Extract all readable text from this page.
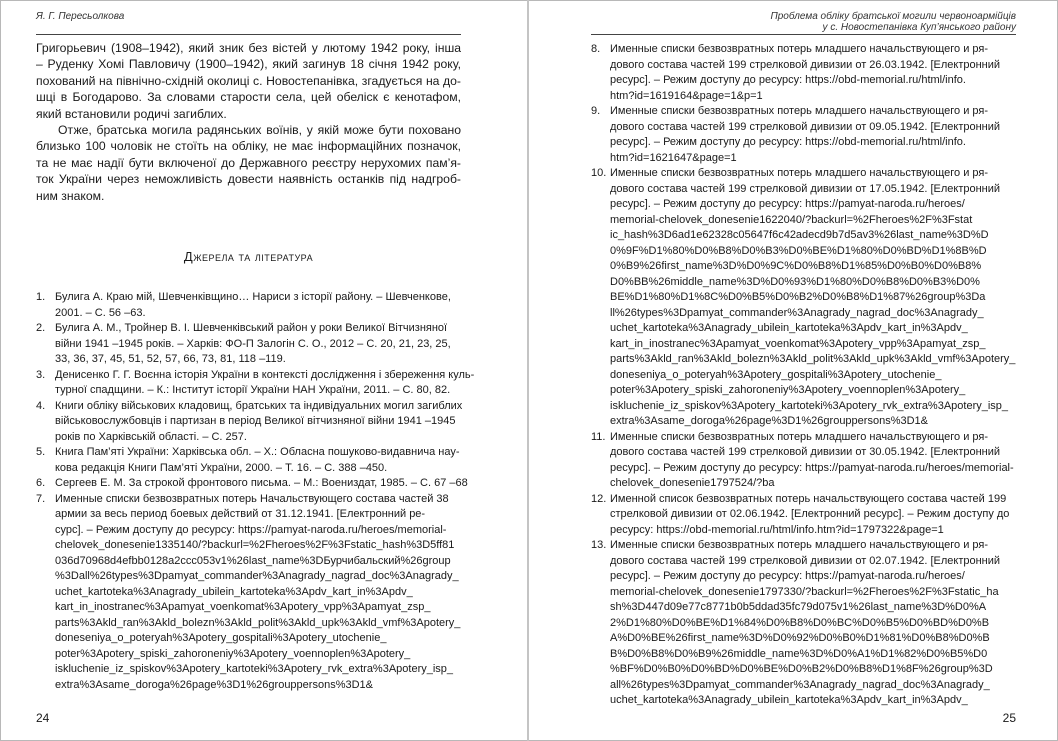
Я. Г. Пересьолкова
Григорьевич (1908–1942), який зник без вістей у лютому 1942 року, інша
– Руденку Хомі Павловичу (1900–1942), який загинув 18 січня 1942 року,
похований на північно-східній околиці с. Новостепанівка, згадується на до-
шці в Богодарово. За словами старости села, цей обеліск є кенотафом,
який встановили родичі загиблих.
Отже, братська могила радянських воїнів, у якій може бути поховано
близько 100 чоловік не стоїть на обліку, не має інформаційних позначок,
та не має надії бути включеної до Державного реєстру нерухомих пам’я-
ток України через неможливість довести наявність останків під надгроб-
ним знаком.
Джерела та література
1. Булига А. Краю мій, Шевченківщино… Нариси з історії району. – Шевченкове,
2001. – С. 56 –63.
2. Булига А. М., Тройнер В. І. Шевченківський район у роки Великої Вітчизняної
війни 1941 –1945 років. – Харків: ФО-П Залогін С. О., 2012 – С. 20, 21, 23, 25,
33, 36, 37, 45, 51, 52, 57, 66, 73, 81, 118 –119.
3. Денисенко Г. Г. Воєнна історія України в контексті дослідження і збереження куль-
турної спадщини. – К.: Інститут історії України НАН України, 2011. – С. 80, 82.
4. Книги обліку військових кладовищ, братських та індивідуальних могил загиблих
військовослужбовців і партизан в період Великої вітчизняної війни 1941 –1945
років по Харківській області. – С. 257.
5. Книга Пам’яті України: Харківська обл. – Х.: Обласна пошуково-видавнича нау-
кова редакція Книги Пам’яті України, 2000. – Т. 16. – С. 388 –450.
6. Сергеев Е. М. За строкой фронтового письма. – М.: Воениздат, 1985. – С. 67 –68
7. Именные списки безвозвратных потерь Начальствующего состава частей 38
армии за весь период боевых действий от 31.12.1941. [Електронний ре-
сурс]. – Режим доступу до ресурсу: https://pamyat-naroda.ru/heroes/memorial-
chelovek_donesenie1335140/?backurl=%2Fheroes%2F%3Fstatic_hash%3D5ff81
036d70968d4efbb0128a2ccc053v1%26last_name%3DБурчибальский%26group
%3Dall%26types%3Dpamyat_commander%3Anagrady_nagrad_doc%3Anagrady_
uchet_kartoteka%3Anagrady_ubilein_kartoteka%3Apdv_kart_in%3Apdv_
kart_in_inostranec%3Apamyat_voenkomat%3Apotery_vpp%3Apamyat_zsp_
parts%3Akld_ran%3Akld_bolezn%3Akld_polit%3Akld_upk%3Akld_vmf%3Apotery_
doneseniya_o_poteryah%3Apotery_gospitali%3Apotery_utochenie_
poter%3Apotery_spiski_zahoroneniy%3Apotery_voennoplen%3Apotery_
iskluchenie_iz_spiskov%3Apotery_kartoteki%3Apotery_rvk_extra%3Apotery_isp_
extra%3Asame_doroga%26page%3D1%26grouppersons%3D1&
24
Проблема обліку братської могили червоноармійців
у с. Новостепанівка Куп’янського району
8. Именные списки безвозвратных потерь младшего начальствующего и ря-
дового состава частей 199 стрелковой дивизии от 26.03.1942. [Електронний
ресурс]. – Режим доступу до ресурсу: https://obd-memorial.ru/html/info.
htm?id=1619164&page=1&p=1
9. Именные списки безвозвратных потерь младшего начальствующего и ря-
дового состава частей 199 стрелковой дивизии от 09.05.1942. [Електронний
ресурс]. – Режим доступу до ресурсу: https://obd-memorial.ru/html/info.
htm?id=1621647&page=1
10. Именные списки безвозвратных потерь младшего начальствующего и ря-
дового состава частей 199 стрелковой дивизии от 17.05.1942. [Електронний
ресурс]. – Режим доступу до ресурсу: https://pamyat-naroda.ru/heroes/
memorial-chelovek_donesenie1622040/?backurl=%2Fheroes%2F%3Fstat
ic_hash%3D6ad1e62328c05647f6c42adecd9b7d5av3%26last_name%3D%D
0%9F%D1%80%D0%B8%D0%B3%D0%BE%D1%80%D0%BD%D1%8B%D
0%B9%26first_name%3D%D0%9C%D0%B8%D1%85%D0%B0%D0%B8%
D0%BB%26middle_name%3D%D0%93%D1%80%D0%B8%D0%B3%D0%
BE%D1%80%D1%8C%D0%B5%D0%B2%D0%B8%D1%87%26group%3Da
ll%26types%3Dpamyat_commander%3Anagrady_nagrad_doc%3Anagrady_
uchet_kartoteka%3Anagrady_ubilein_kartoteka%3Apdv_kart_in%3Apdv_
kart_in_inostranec%3Apamyat_voenkomat%3Apotery_vpp%3Apamyat_zsp_
parts%3Akld_ran%3Akld_bolezn%3Akld_polit%3Akld_upk%3Akld_vmf%3Apotery_
doneseniya_o_poteryah%3Apotery_gospitali%3Apotery_utochenie_
poter%3Apotery_spiski_zahoroneniy%3Apotery_voennoplen%3Apotery_
iskluchenie_iz_spiskov%3Apotery_kartoteki%3Apotery_rvk_extra%3Apotery_isp_
extra%3Asame_doroga%26page%3D1%26grouppersons%3D1&
11. Именные списки безвозвратных потерь младшего начальствующего и ря-
дового состава частей 199 стрелковой дивизии от 30.05.1942. [Електронний
ресурс]. – Режим доступу до ресурсу: https://pamyat-naroda.ru/heroes/memorial-
chelovek_donesenie1797524/?ba
12. Именной список безвозвратных потерь начальствующего состава частей 199
стрелковой дивизии от 02.06.1942. [Електронний ресурс]. – Режим доступу до
ресурсу: https://obd-memorial.ru/html/info.htm?id=1797322&page=1
13. Именные списки безвозвратных потерь младшего начальствующего и ря-
дового состава частей 199 стрелковой дивизии от 02.07.1942. [Електронний
ресурс]. – Режим доступу до ресурсу: https://pamyat-naroda.ru/heroes/
memorial-chelovek_donesenie1797330/?backurl=%2Fheroes%2F%3Fstatic_ha
sh%3D447d09e77c8771b0b5ddad35fc79d075v1%26last_name%3D%D0%A
2%D1%80%D0%BE%D1%84%D0%B8%D0%BC%D0%B5%D0%BD%D0%B
A%D0%BE%26first_name%3D%D0%92%D0%B0%D1%81%D0%B8%D0%B
B%D0%B8%D0%B9%26middle_name%3D%D0%A1%D1%82%D0%B5%D0
%BF%D0%B0%D0%BD%D0%BE%D0%B2%D0%B8%D1%8F%26group%3D
all%26types%3Dpamyat_commander%3Anagrady_nagrad_doc%3Anagrady_
uchet_kartoteka%3Anagrady_ubilein_kartoteka%3Apdv_kart_in%3Apdv_
25
